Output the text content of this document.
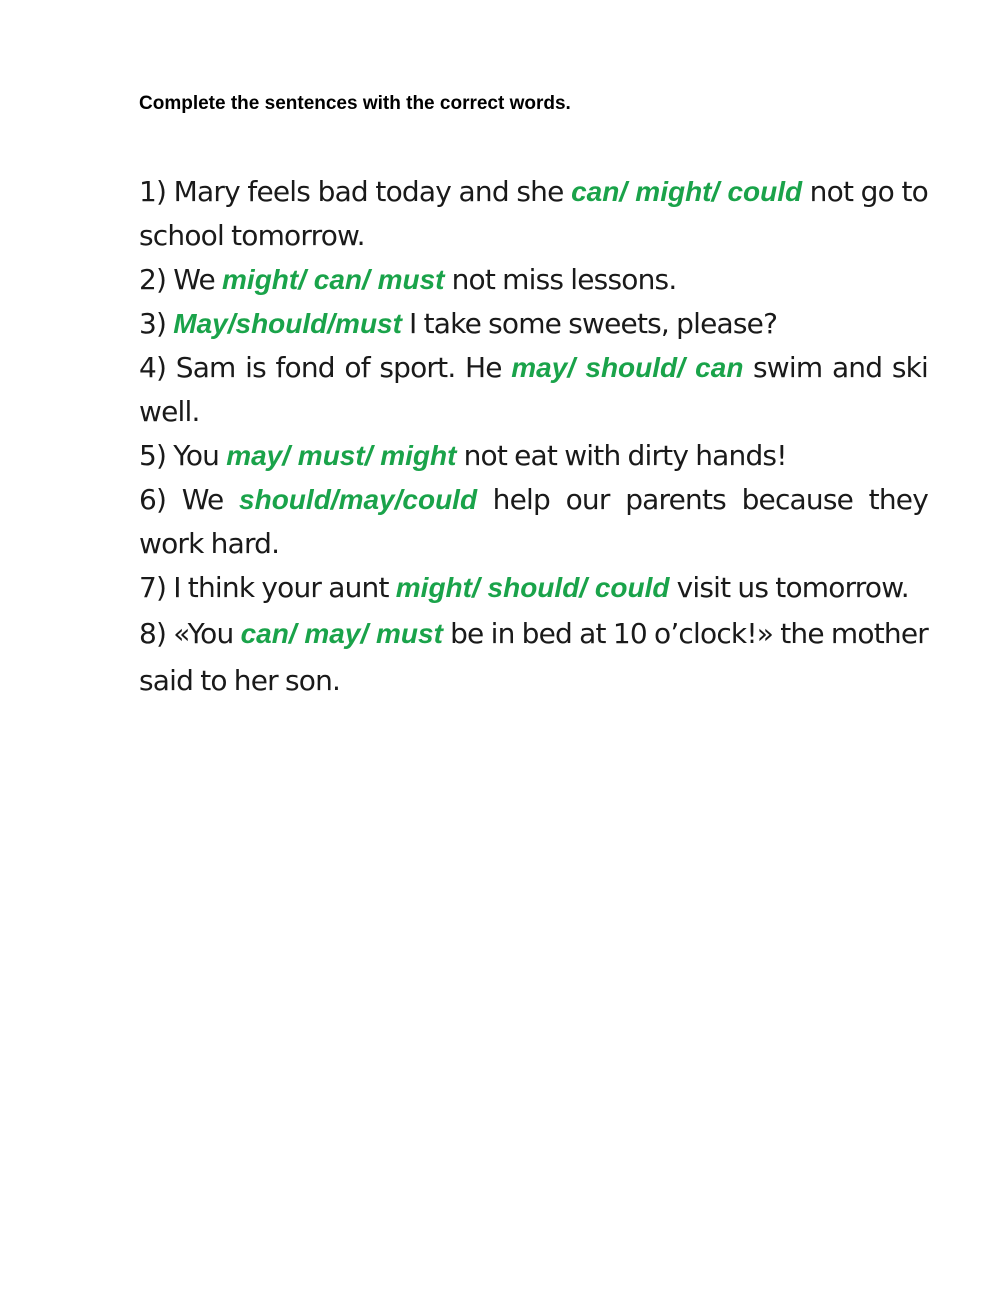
Complete the sentences with the correct words.

1) Mary feels bad today and she can/ might/ could not go to school tomorrow.
2) We might/ can/ must not miss lessons.
3) May/should/must I take some sweets, please?
4) Sam is fond of sport. He may/ should/ can swim and ski well.
5) You may/ must/ might not eat with dirty hands!
6) We should/may/could help our parents because they work hard.
7) I think your aunt might/ should/ could visit us tomorrow.
8) «You can/ may/ must be in bed at 10 o’clock!» the mother said to her son.
